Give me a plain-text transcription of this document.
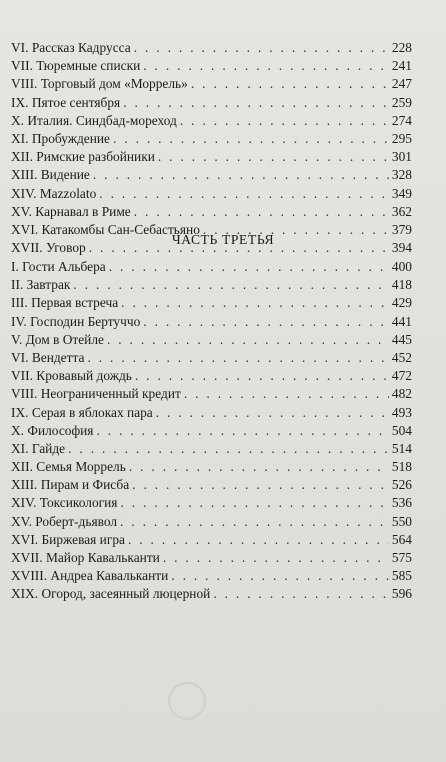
VI. Рассказ Кадрусса . . .	228
VII. Тюремные списки . . .	241
VIII. Торговый дом «Моррель» . . .	247
IX. Пятое сентября . . .	259
X. Италия. Синдбад-мореход . . .	274
XI. Пробуждение . . .	295
XII. Римские разбойники . . .	301
XIII. Видение . . .	328
XIV. Mazzolato . . .	349
XV. Карнавал в Риме . . .	362
XVI. Катакомбы Сан-Себастьяно . . .	379
XVII. Уговор . . .	394
ЧАСТЬ ТРЕТЬЯ
I. Гости Альбера . . .	400
II. Завтрак . . .	418
III. Первая встреча . . .	429
IV. Господин Бертуччо . . .	441
V. Дом в Отейле . . .	445
VI. Вендетта . . .	452
VII. Кровавый дождь . . .	472
VIII. Неограниченный кредит . . .	482
IX. Серая в яблоках пара . . .	493
X. Философия . . .	504
XI. Гайде . . .	514
XII. Семья Моррель . . .	518
XIII. Пирам и Фисба . . .	526
XIV. Токсикология . . .	536
XV. Роберт-дьявол . . .	550
XVI. Биржевая игра . . .	564
XVII. Майор Кавальканти . . .	575
XVIII. Андреа Кавальканти . . .	585
XIX. Огород, засеянный люцерной . . .	596
